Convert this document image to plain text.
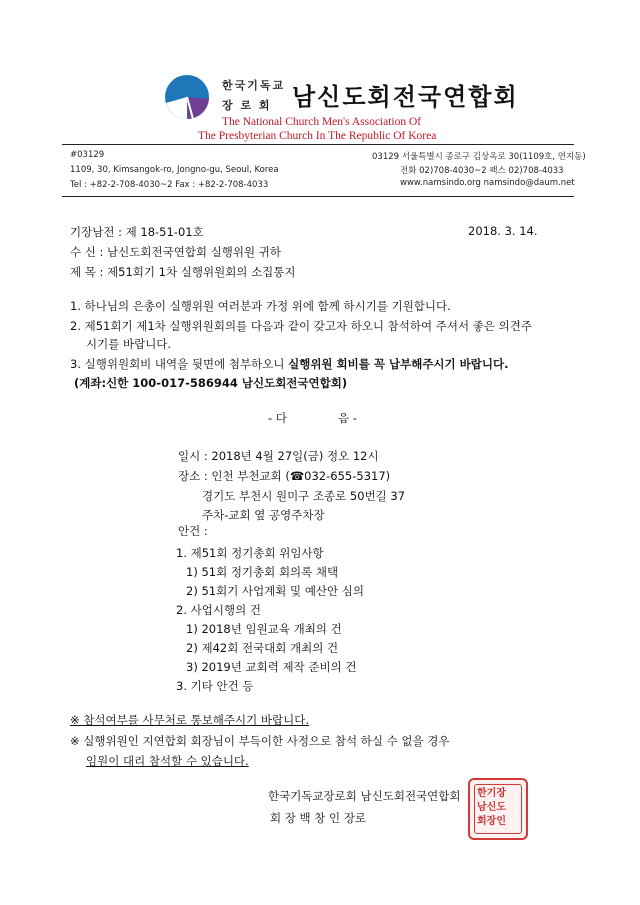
한국기독교
장 로 회 남신도회전국연합회
The National Church Men's Association Of
The Presbyterian Church In The Republic Of Korea
#03129
1109, 30, Kimsangok-ro, Jongno-gu, Seoul, Korea
Tel : +82-2-708-4030~2 Fax : +82-2-708-4033
03129 서울특별시 종로구 김상옥로 30(1109호, 연지동)
전화 02)708-4030~2 팩스 02)708-4033
www.namsindo.org namsindo@daum.net
기장남전 : 제 18-51-01호	2018. 3. 14.
수 신 : 남신도회전국연합회 실행위원 귀하
제 목 : 제51회기 1차 실행위원회의 소집통지
1. 하나님의 은총이 실행위원 여러분과 가정 위에 함께 하시기를 기원합니다.
2. 제51회기 제1차 실행위원회의를 다음과 같이 갖고자 하오니 참석하여 주셔서 좋은 의견주
시기를 바랍니다.
3. 실행위원회비 내역을 뒷면에 첨부하오니 실행위원 회비를 꼭 납부해주시기 바랍니다.
(계좌:신한 100-017-586944 남신도회전국연합회)
- 다	음 -
일시 : 2018년 4월 27일(금) 정오 12시
장소 : 인천 부천교회 (☎032-655-5317)
경기도 부천시 원미구 조종로 50번길 37
주차-교회 옆 공영주차장
안건 :
1. 제51회 정기총회 위임사항
1) 51회 정기총회 회의록 채택
2) 51회기 사업계획 및 예산안 심의
2. 사업시행의 건
1) 2018년 임원교육 개최의 건
2) 제42회 전국대회 개최의 건
3) 2019년 교회력 제작 준비의 건
3. 기타 안건 등
※ 참석여부를 사무처로 통보해주시기 바랍니다.
※ 실행위원인 지연합회 회장님이 부득이한 사정으로 참석 하실 수 없을 경우
임원이 대리 참석할 수 있습니다.
한국기독교장로회 남신도회전국연합회
회 장 백 창 인 장로
한기장
남신도
회장인
